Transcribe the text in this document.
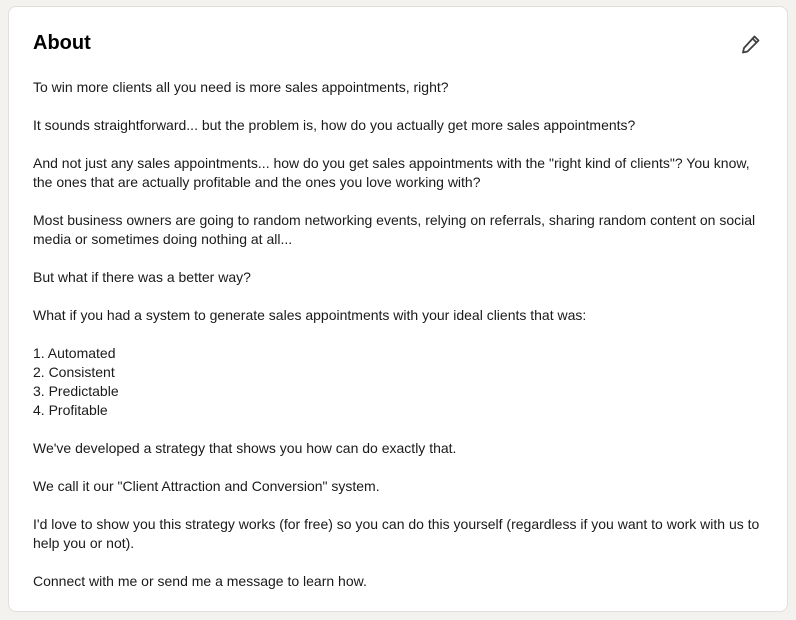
About

To win more clients all you need is more sales appointments, right?

It sounds straightforward... but the problem is, how do you actually get more sales appointments?

And not just any sales appointments... how do you get sales appointments with the "right kind of clients"? You know, the ones that are actually profitable and the ones you love working with?

Most business owners are going to random networking events, relying on referrals, sharing random content on social media or sometimes doing nothing at all...

But what if there was a better way?

What if you had a system to generate sales appointments with your ideal clients that was:

1. Automated
2. Consistent
3. Predictable
4. Profitable

We've developed a strategy that shows you how can do exactly that.

We call it our "Client Attraction and Conversion" system.

I'd love to show you this strategy works (for free) so you can do this yourself (regardless if you want to work with us to help you or not).

Connect with me or send me a message to learn how.
